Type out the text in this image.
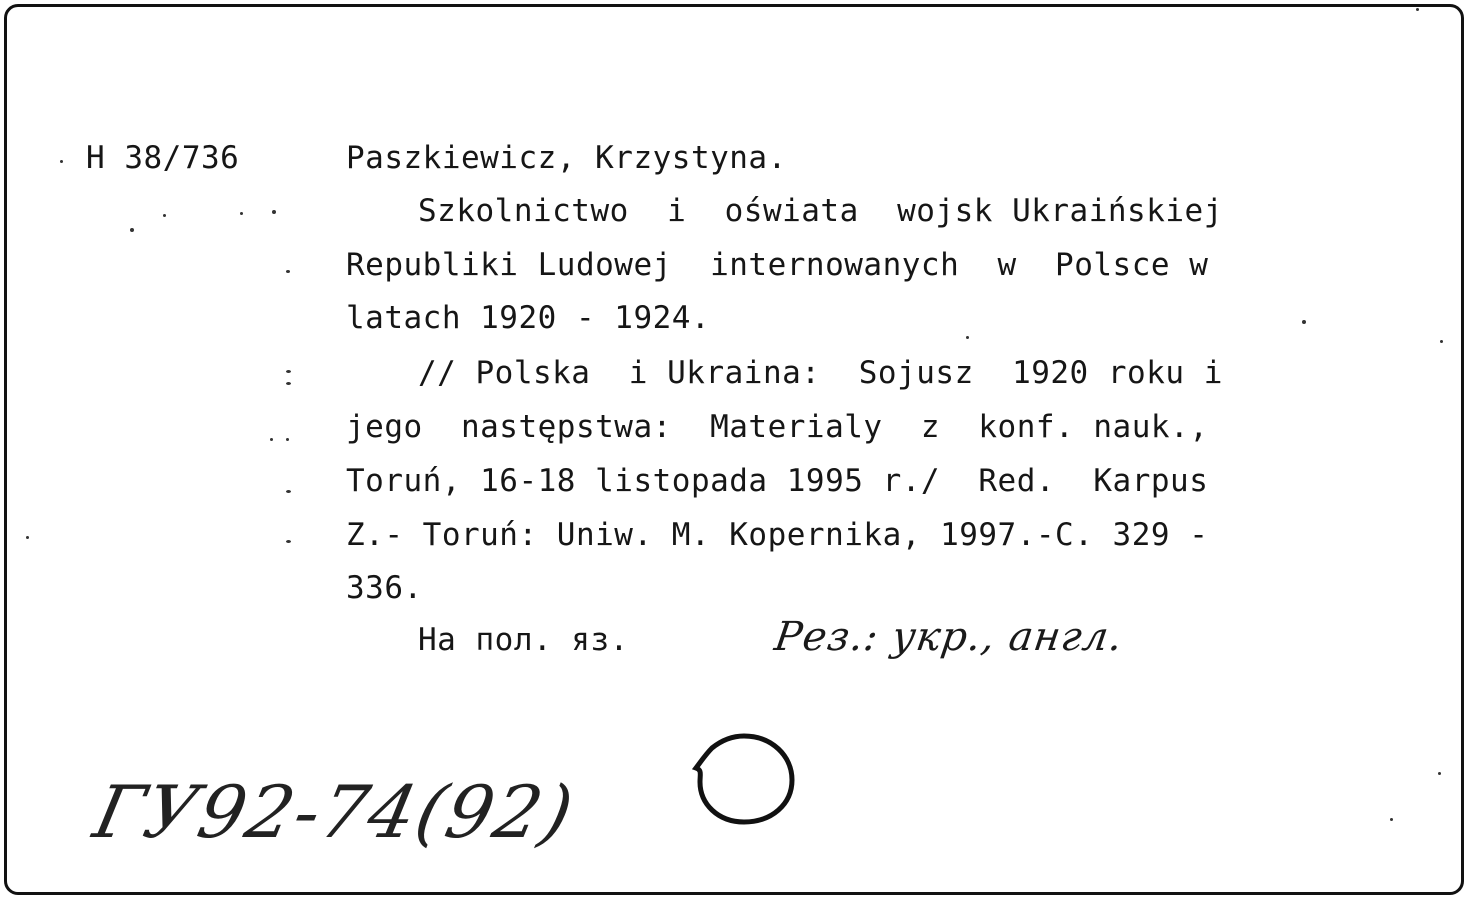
Н 38/736	Paszkiewicz, Krzystyna.
Szkolnictwo  i  oświata  wojsk Ukraińskiej
Republiki Ludowej  internowanych  w  Polsce w
latach 1920 - 1924.
// Polska  i Ukraina:  Sojusz  1920 roku i
jego  następstwa:  Materialy  z  konf. nauk.,
Toruń, 16-18 listopada 1995 r./  Red.  Karpus
Z.- Toruń: Uniw. M. Kopernika, 1997.-С. 329 -
336.
На пол. яз.	Рез.: укр., англ.
ГУ92-74(92)
